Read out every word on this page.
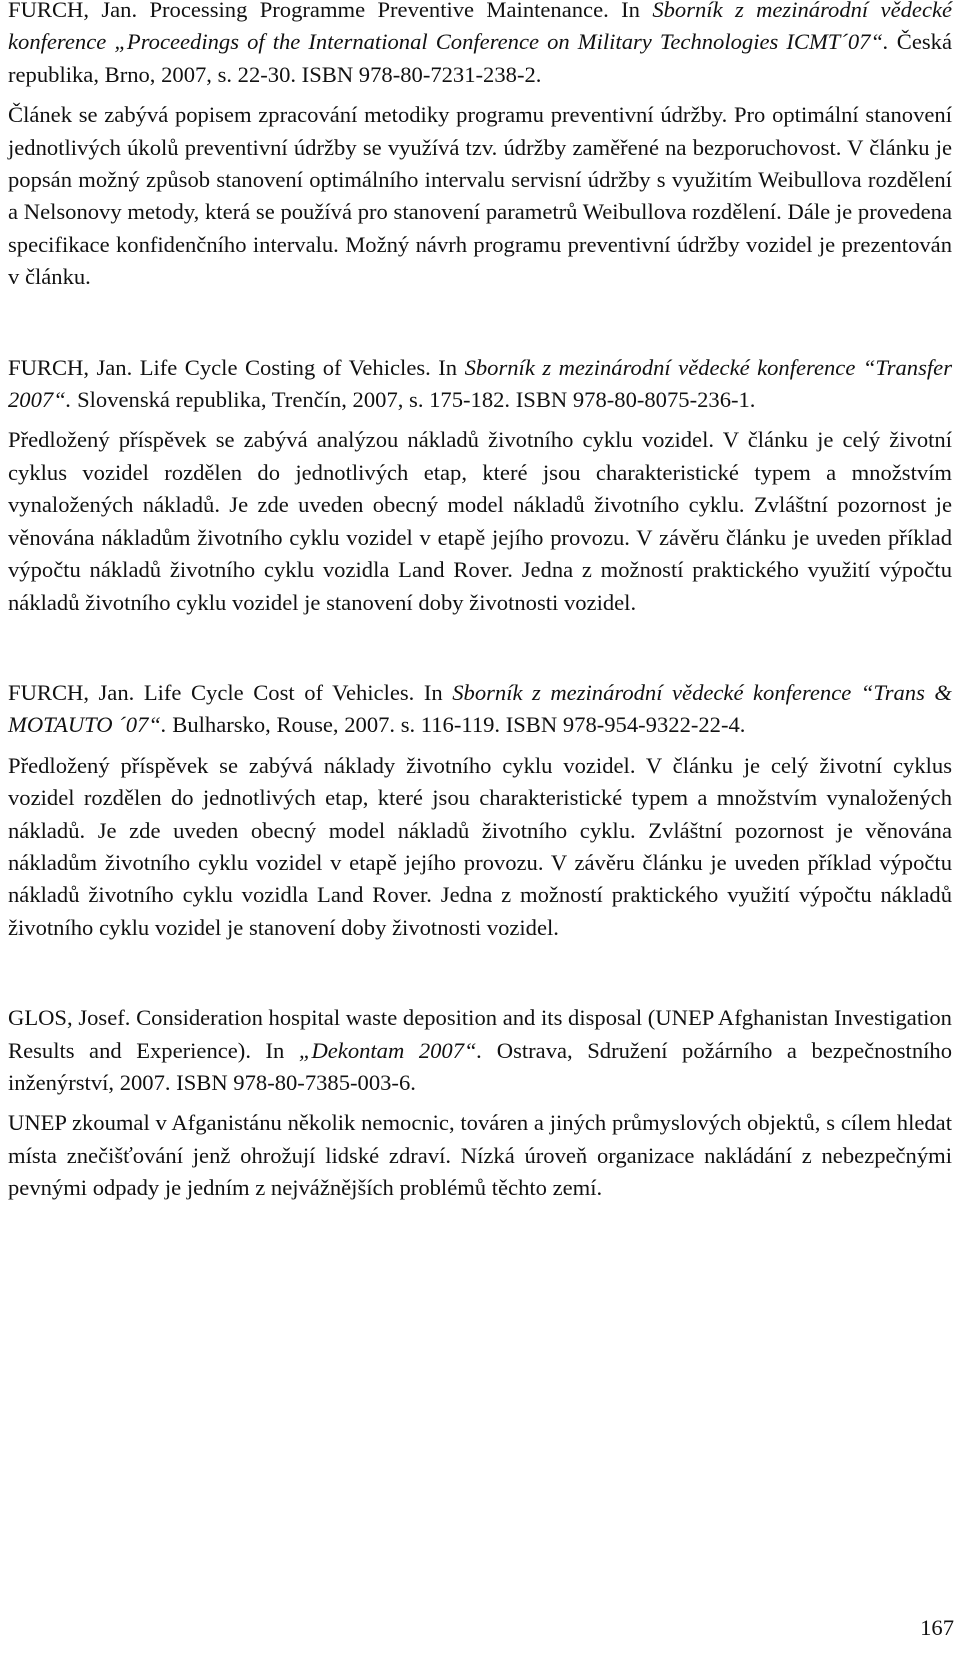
FURCH, Jan. Processing Programme Preventive Maintenance. In Sborník z mezinárodní vědecké konference „Proceedings of the International Conference on Military Technologies ICMT´07“. Česká republika, Brno, 2007, s. 22-30. ISBN 978-80-7231-238-2.

Článek se zabývá popisem zpracování metodiky programu preventivní údržby. Pro optimální stanovení jednotlivých úkolů preventivní údržby se využívá tzv. údržby zaměřené na bezporuchovost. V článku je popsán možný způsob stanovení optimálního intervalu servisní údržby s využitím Weibullova rozdělení a Nelsonovy metody, která se používá pro stanovení parametrů Weibullova rozdělení. Dále je provedena specifikace konfidenčního intervalu. Možný návrh programu preventivní údržby vozidel je prezentován v článku.

FURCH, Jan. Life Cycle Costing of Vehicles. In Sborník z mezinárodní vědecké konference “Transfer 2007“. Slovenská republika, Trenčín, 2007, s. 175-182. ISBN 978-80-8075-236-1.

Předložený příspěvek se zabývá analýzou nákladů životního cyklu vozidel. V článku je celý životní cyklus vozidel rozdělen do jednotlivých etap, které jsou charakteristické typem a množstvím vynaložených nákladů. Je zde uveden obecný model nákladů životního cyklu. Zvláštní pozornost je věnována nákladům životního cyklu vozidel v etapě jejího provozu. V závěru článku je uveden příklad výpočtu nákladů životního cyklu vozidla Land Rover. Jedna z možností praktického využití výpočtu nákladů životního cyklu vozidel je stanovení doby životnosti vozidel.

FURCH, Jan. Life Cycle Cost of Vehicles. In Sborník z mezinárodní vědecké konference “Trans & MOTAUTO ´07“. Bulharsko, Rouse, 2007. s. 116-119. ISBN 978-954-9322-22-4.

Předložený příspěvek se zabývá náklady životního cyklu vozidel. V článku je celý životní cyklus vozidel rozdělen do jednotlivých etap, které jsou charakteristické typem a množstvím vynaložených nákladů. Je zde uveden obecný model nákladů životního cyklu. Zvláštní pozornost je věnována nákladům životního cyklu vozidel v etapě jejího provozu. V závěru článku je uveden příklad výpočtu nákladů životního cyklu vozidla Land Rover. Jedna z možností praktického využití výpočtu nákladů životního cyklu vozidel je stanovení doby životnosti vozidel.

GLOS, Josef. Consideration hospital waste deposition and its disposal (UNEP Afghanistan Investigation Results and Experience). In „Dekontam 2007“. Ostrava, Sdružení požárního a bezpečnostního inženýrství, 2007. ISBN 978-80-7385-003-6.

UNEP zkoumal v Afganistánu několik nemocnic, továren a jiných průmyslových objektů, s cílem hledat místa znečišťování jenž ohrožují lidské zdraví. Nízká úroveň organizace nakládání z nebezpečnými pevnými odpady je jedním z nejvážnějších problémů těchto zemí.

167
